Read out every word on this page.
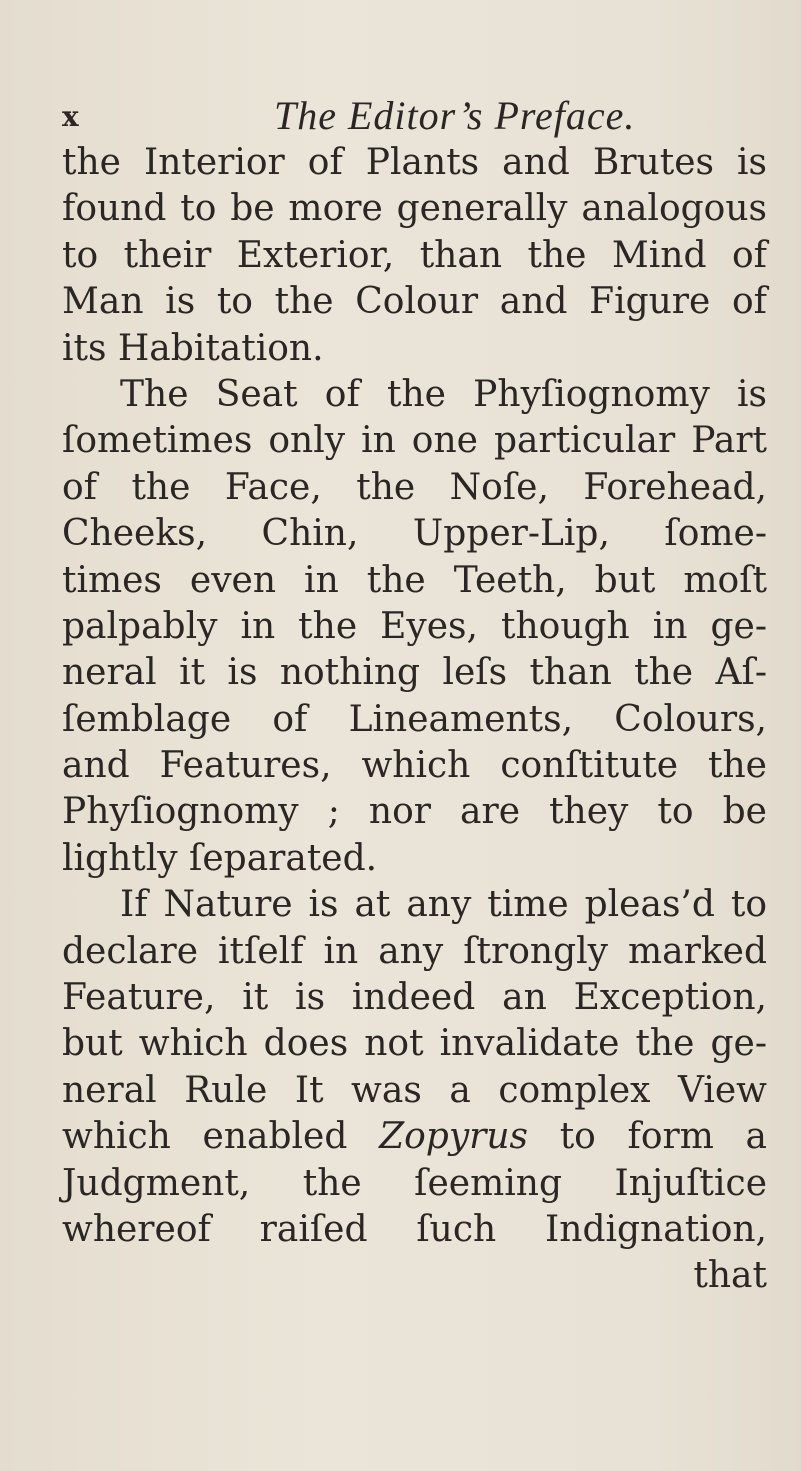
x	The Editor’s Preface.
the Interior of Plants and Brutes is
found to be more generally analogous
to their Exterior, than the Mind of
Man is to the Colour and Figure of
its Habitation.
The Seat of the Phyſiognomy is
ſometimes only in one particular Part
of the Face, the Noſe, Forehead,
Cheeks, Chin, Upper-Lip, ſome-
times even in the Teeth, but moſt
palpably in the Eyes, though in ge-
neral it is nothing leſs than the Aſ-
ſemblage of Lineaments, Colours,
and Features, which conſtitute the
Phyſiognomy ; nor are they to be
lightly ſeparated.
If Nature is at any time pleas’d to
declare itſelf in any ſtrongly marked
Feature, it is indeed an Exception,
but which does not invalidate the ge-
neral Rule It was a complex View
which enabled Zopyrus to form a
Judgment, the ſeeming Injuſtice
whereof raiſed ſuch Indignation,
that
